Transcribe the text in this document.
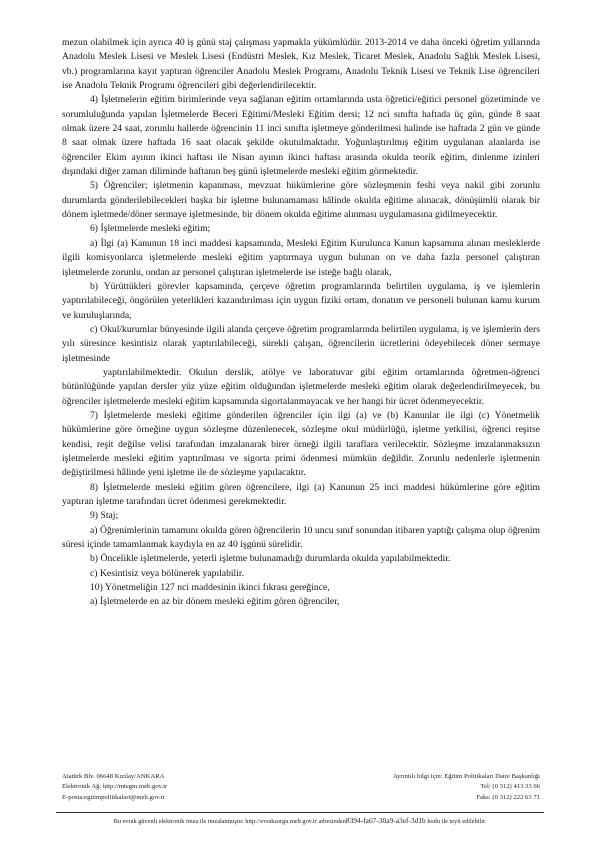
mezun olabilmek için ayrıca 40 iş günü staj çalışması yapmakla yükümlüdür. 2013-2014 ve daha önceki öğretim yıllarında Anadolu Meslek Lisesi ve Meslek Lisesi (Endüstri Meslek, Kız Meslek, Ticaret Meslek, Anadolu Sağlık Meslek Lisesi, vb.) programlarına kayıt yaptıran öğrenciler Anadolu Meslek Programı, Anadolu Teknik Lisesi ve Teknik Lise öğrencileri ise Anadolu Teknik Programı öğrencileri gibi değerlendirilecektir.

4) İşletmelerin eğitim birimlerinde veya sağlanan eğitim ortamlarında usta öğretici/eğitici personel gözetiminde ve sorumluluğunda yapılan İşletmelerde Beceri Eğitimi/Mesleki Eğitim dersi; 12 nci sınıfta haftada üç gün, günde 8 saat olmak üzere 24 saat, zorunlu hallerde öğrencinin 11 inci sınıfta işletmeye gönderilmesi halinde ise haftada 2 gün ve günde 8 saat olmak üzere haftada 16 saat olacak şekilde okutulmaktadır. Yoğunlaştırılmış eğitim uygulanan alanlarda ise öğrenciler Ekim ayının ikinci haftası ile Nisan ayının ikinci haftası arasında okulda teorik eğitim, dinlenme izinleri dışındaki diğer zaman diliminde haftanın beş günü işletmelerde mesleki eğitim görmektedir.

5) Öğrenciler; işletmenin kapanması, mevzuat hükümlerine göre sözleşmenin feshi veya nakil gibi zorunlu durumlarda gönderilebilecekleri başka bir işletme bulunamaması hâlinde okulda eğitime alınacak, dönüşümlü olarak bir dönem işletmede/döner sermaye işletmesinde, bir dönem okulda eğitime alınması uygulamasına gidilmeyecektir.

6) İşletmelerde mesleki eğitim;

a) İlgi (a) Kanunun 18 inci maddesi kapsamında, Mesleki Eğitim Kurulunca Kanun kapsamına alınan mesleklerde ilgili komisyonlarca işletmelerde mesleki eğitim yaptırmaya uygun bulunan on ve daha fazla personel çalıştıran işletmelerde zorunlu, ondan az personel çalıştıran işletmelerde ise isteğe bağlı olarak,

b) Yürüttükleri görevler kapsamında, çerçeve öğretim programlarında belirtilen uygulama, iş ve işlemlerin yaptırılabileceği, öngörülen yeterlikleri kazandırılması için uygun fiziki ortam, donatım ve personeli bulunan kamu kurum ve kuruluşlarında,

c) Okul/kurumlar bünyesinde ilgili alanda çerçeve öğretim programlarında belirtilen uygulama, iş ve işlemlerin ders yılı süresince kesintisiz olarak yaptırılabileceği, sürekli çalışan, öğrencilerin ücretlerini ödeyebilecek döner sermaye işletmesinde

yaptırılabilmektedir. Okulun derslik, atölye ve laboratuvar gibi eğitim ortamlarında öğretmen-öğrenci bütünlüğünde yapılan dersler yüz yüze eğitim olduğundan işletmelerde mesleki eğitim olarak değerlendirilmeyecek, bu öğrenciler işletmelerde mesleki eğitim kapsamında sigortalanmayacak ve her hangi bir ücret ödenmeyecektir.

7) İşletmelerde mesleki eğitime gönderilen öğrenciler için ilgi (a) ve (b) Kanunlar ile ilgi (c) Yönetmelik hükümlerine göre örneğine uygun sözleşme düzenlenecek, sözleşme okul müdürlüğü, işletme yetkilisi, öğrenci reşitse kendisi, reşit değilse velisi tarafından imzalanarak birer örneği ilgili taraflara verilecektir. Sözleşme imzalanmaksızın işletmelerde mesleki eğitim yaptırılması ve sigorta primi ödenmesi mümkün değildir. Zorunlu nedenlerle işletmenin değiştirilmesi hâlinde yeni işletme ile de sözleşme yapılacaktır.

8) İşletmelerde mesleki eğitim gören öğrencilere, ilgi (a) Kanunun 25 inci maddesi hükümlerine göre eğitim yaptıran işletme tarafından ücret ödenmesi gerekmektedir.

9) Staj;

a) Öğrenimlerinin tamamını okulda gören öğrencilerin 10 uncu sınıf sonundan itibaren yaptığı çalışma olup öğrenim süresi içinde tamamlanmak kaydıyla en az 40 işgünü sürelidir.

b) Öncelikle işletmelerde, yeterli işletme bulunamadığı durumlarda okulda yapılabilmektedir.

c) Kesintisiz veya bölünerek yapılabilir.

10) Yönetmeliğin 127 nci maddesinin ikinci fıkrası gereğince,

a) İşletmelerde en az bir dönem mesleki eğitim gören öğrenciler,

Atatürk Blv. 06648 Kızılay/ANKARA
Elektronik Ağ: http://mtegm.meb.gov.tr
E-posta:egitimpolitikalari@meb.gov.tr
Ayrıntılı bilgi için: Eğitim Politikaları Daire Başkanlığı
Tel: (0 312) 413 33 66
Faks: (0 312) 222 63 71
Bu evrak güvenli elektronik imza ile imzalanmıştır. http://evraksorgu.meb.gov.tr adresinden8394-fa67-30a9-a3ef-3d1b kodu ile teyit edilebilir.
